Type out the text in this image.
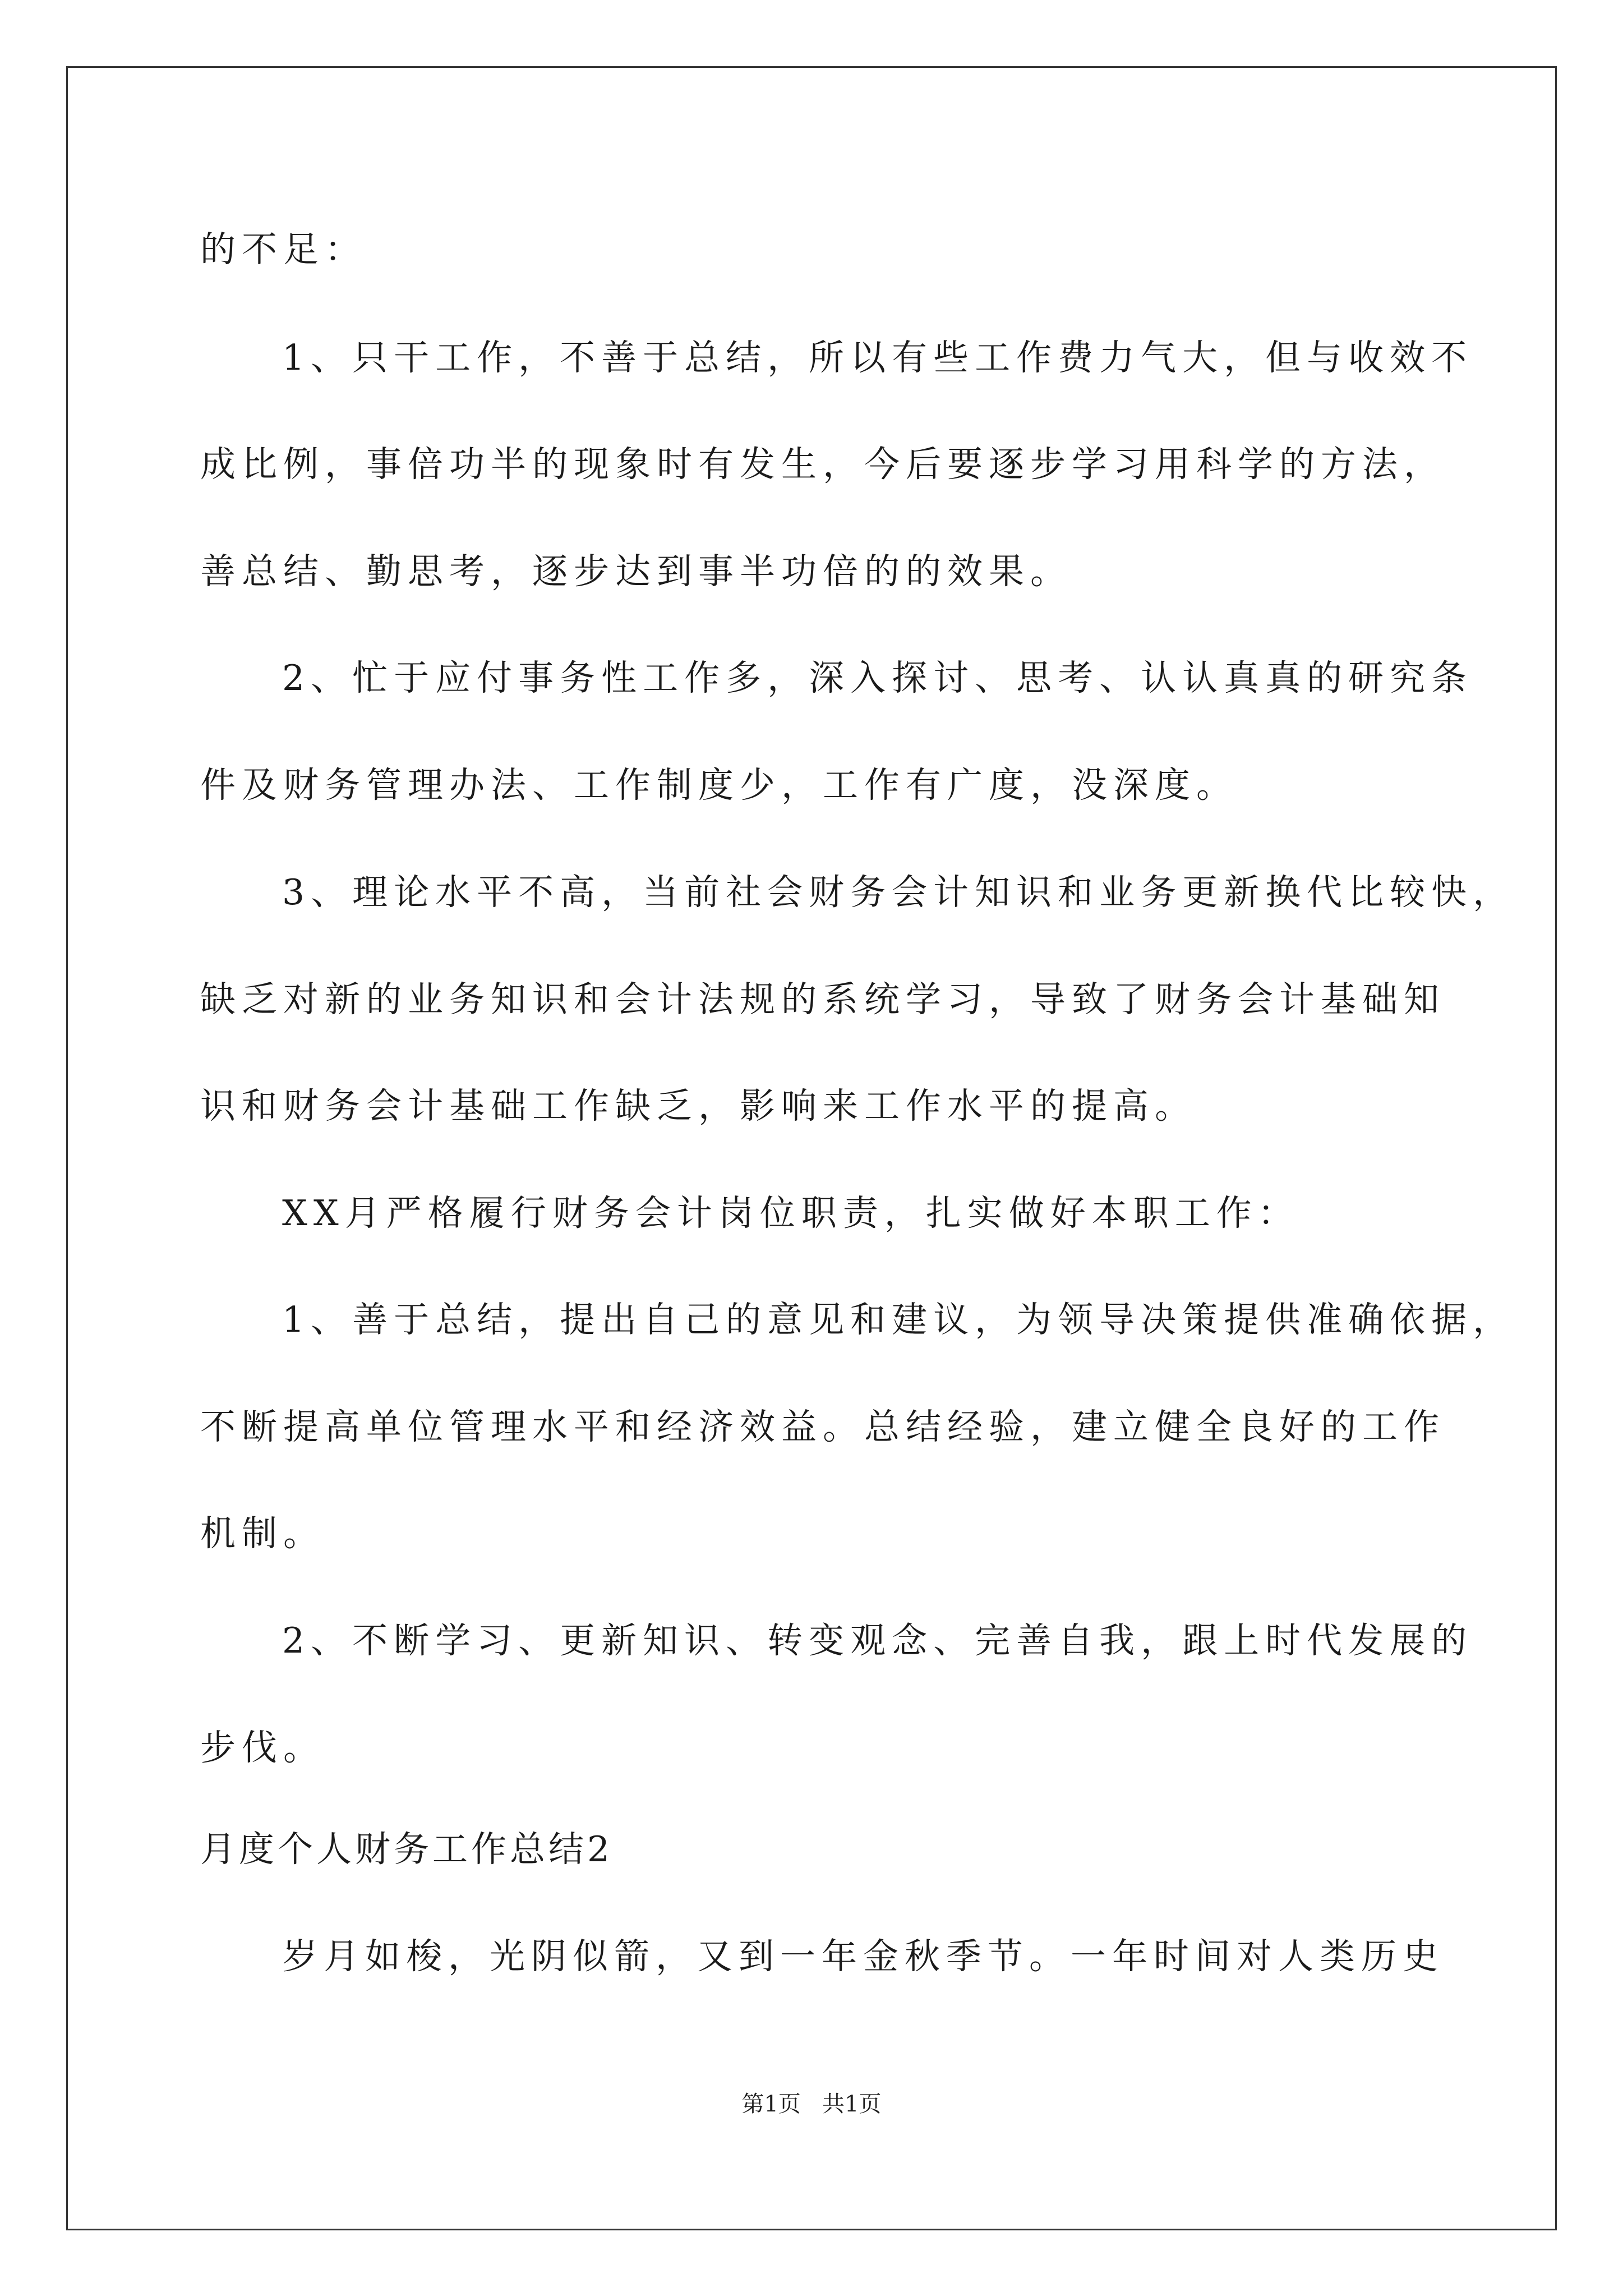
的不足：
1、只干工作，不善于总结，所以有些工作费力气大，但与收效不
成比例，事倍功半的现象时有发生，今后要逐步学习用科学的方法，
善总结、勤思考，逐步达到事半功倍的的效果。
2、忙于应付事务性工作多，深入探讨、思考、认认真真的研究条
件及财务管理办法、工作制度少，工作有广度，没深度。
3、理论水平不高，当前社会财务会计知识和业务更新换代比较快，
缺乏对新的业务知识和会计法规的系统学习，导致了财务会计基础知
识和财务会计基础工作缺乏，影响来工作水平的提高。
XX月严格履行财务会计岗位职责，扎实做好本职工作：
1、善于总结，提出自己的意见和建议，为领导决策提供准确依据，
不断提高单位管理水平和经济效益。总结经验，建立健全良好的工作
机制。
2、不断学习、更新知识、转变观念、完善自我，跟上时代发展的
步伐。
月度个人财务工作总结2
岁月如梭，光阴似箭，又到一年金秋季节。一年时间对人类历史
第1页   共1页
